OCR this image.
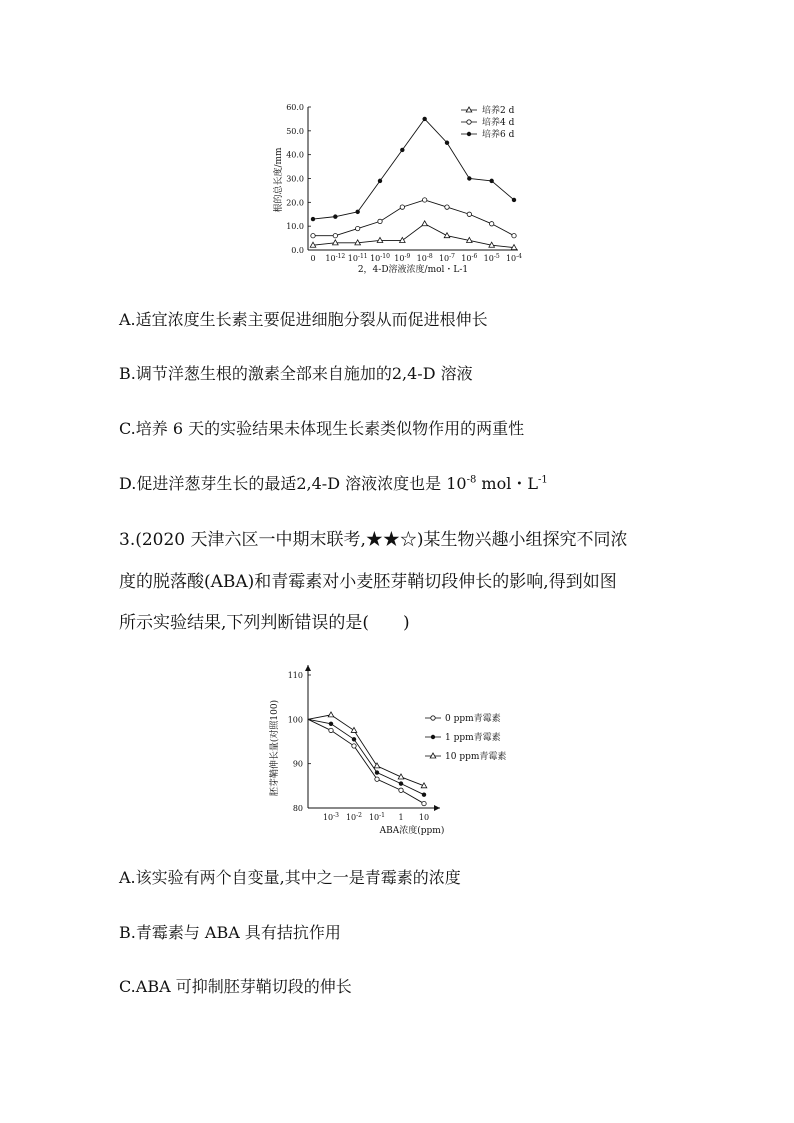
根的总长度/mm
2，4-D溶液浓度/mol・L-1
0.0
10.0
20.0
30.0
40.0
50.0
60.0
0 $10^{-12}$ $10^{-11}$ $10^{-10}$ $10^{-9}$ $10^{-8}$ $10^{-7}$ $10^{-6}$ $10^{-5}$ $10^{-4}$
培养2 d
培养4 d
培养6 d
A.适宜浓度生长素主要促进细胞分裂从而促进根伸长
B.调节洋葱生根的激素全部来自施加的2,4-D 溶液
C.培养 6 天的实验结果未体现生长素类似物作用的两重性
D.促进洋葱芽生长的最适2,4-D 溶液浓度也是 $10^{-8}$ mol・$L^{-1}$
3.(2020 天津六区一中期末联考,★★☆)某生物兴趣小组探究不同浓
度的脱落酸(ABA)和青霉素对小麦胚芽鞘切段伸长的影响,得到如图
所示实验结果,下列判断错误的是(　　)
胚芽鞘伸长量(对照100)
ABA浓度(ppm)
80
90
100
110
$10^{-3}$ $10^{-2}$ $10^{-1}$ 1 10
0 ppm青霉素
1 ppm青霉素
10 ppm青霉素
A.该实验有两个自变量,其中之一是青霉素的浓度
B.青霉素与 ABA 具有拮抗作用
C.ABA 可抑制胚芽鞘切段的伸长
